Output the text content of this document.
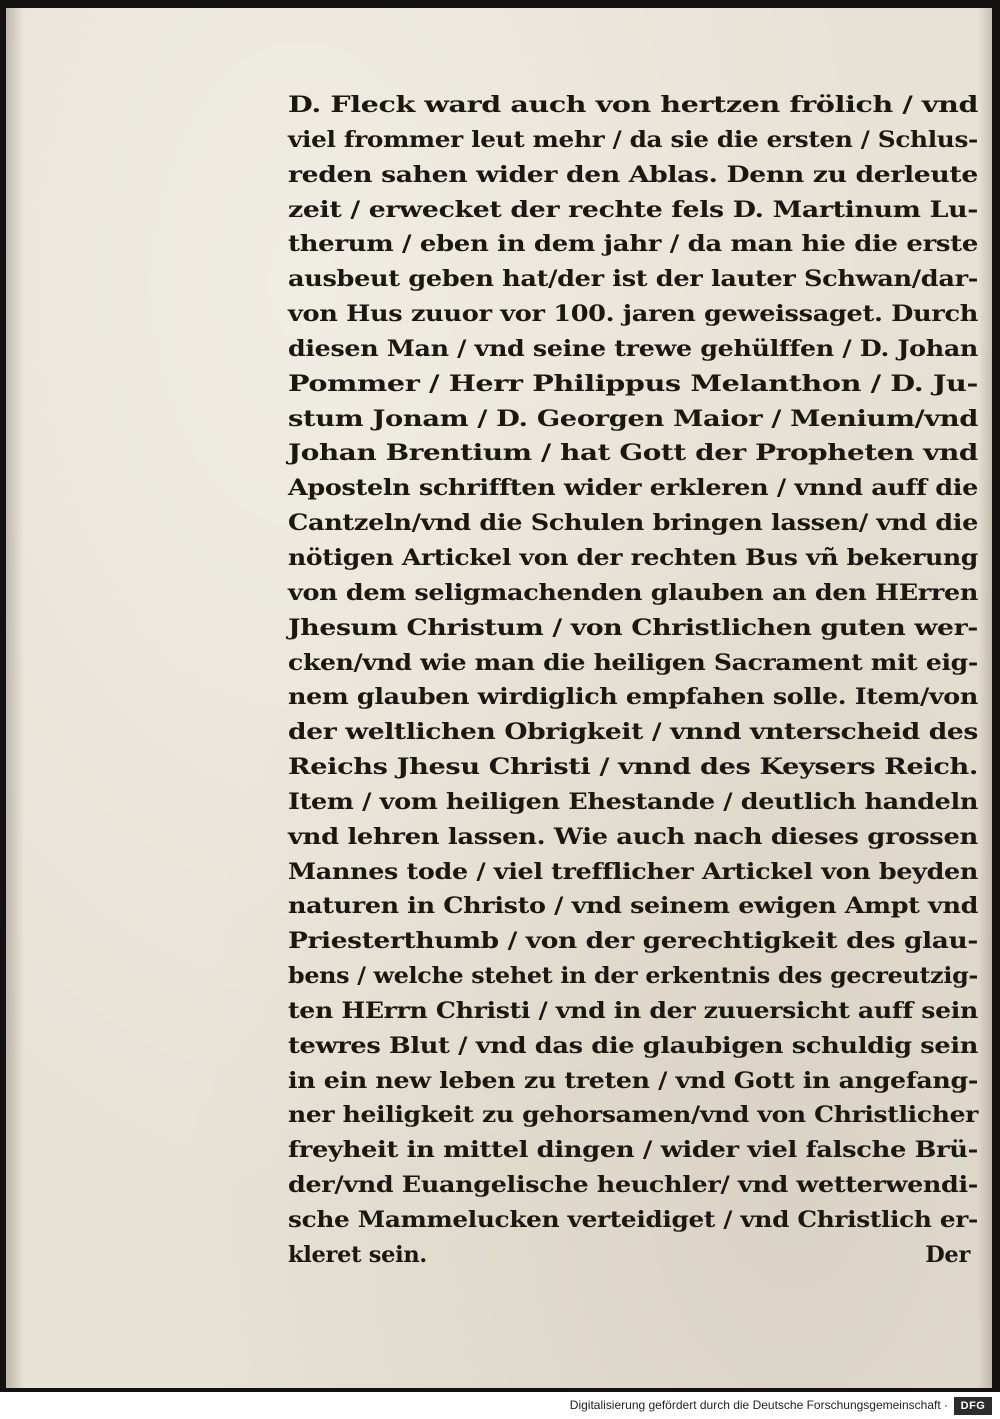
D. Fleck ward auch von hertzen frölich / vnd
viel frommer leut mehr / da sie die ersten / Schlus-
reden sahen wider den Ablas. Denn zu derleute
zeit / erwecket der rechte fels D. Martinum Lu-
therum / eben in dem jahr / da man hie die erste
ausbeut geben hat/der ist der lauter Schwan/dar-
von Hus zuuor vor 100. jaren geweissaget. Durch
diesen Man / vnd seine trewe gehülffen / D. Johan
Pommer / Herr Philippus Melanthon / D. Ju-
stum Jonam / D. Georgen Maior / Menium/vnd
Johan Brentium / hat Gott der Propheten vnd
Aposteln schrifften wider erkleren / vnnd auff die
Cantzeln/vnd die Schulen bringen lassen/ vnd die
nötigen Artickel von der rechten Bus vñ bekerung
von dem seligmachenden glauben an den HErren
Jhesum Christum / von Christlichen guten wer-
cken/vnd wie man die heiligen Sacrament mit eig-
nem glauben wirdiglich empfahen solle. Item/von
der weltlichen Obrigkeit / vnnd vnterscheid des
Reichs Jhesu Christi / vnnd des Keysers Reich.
Item / vom heiligen Ehestande / deutlich handeln
vnd lehren lassen. Wie auch nach dieses grossen
Mannes tode / viel trefflicher Artickel von beyden
naturen in Christo / vnd seinem ewigen Ampt vnd
Priesterthumb / von der gerechtigkeit des glau-
bens / welche stehet in der erkentnis des gecreutzig-
ten HErrn Christi / vnd in der zuuersicht auff sein
tewres Blut / vnd das die glaubigen schuldig sein
in ein new leben zu treten / vnd Gott in angefang-
ner heiligkeit zu gehorsamen/vnd von Christlicher
freyheit in mittel dingen / wider viel falsche Brü-
der/vnd Euangelische heuchler/ vnd wetterwendi-
sche Mammelucken verteidiget / vnd Christlich er-
kleret sein.	Der
Digitalisierung gefördert durch die Deutsche Forschungsgemeinschaft ·	DFG
